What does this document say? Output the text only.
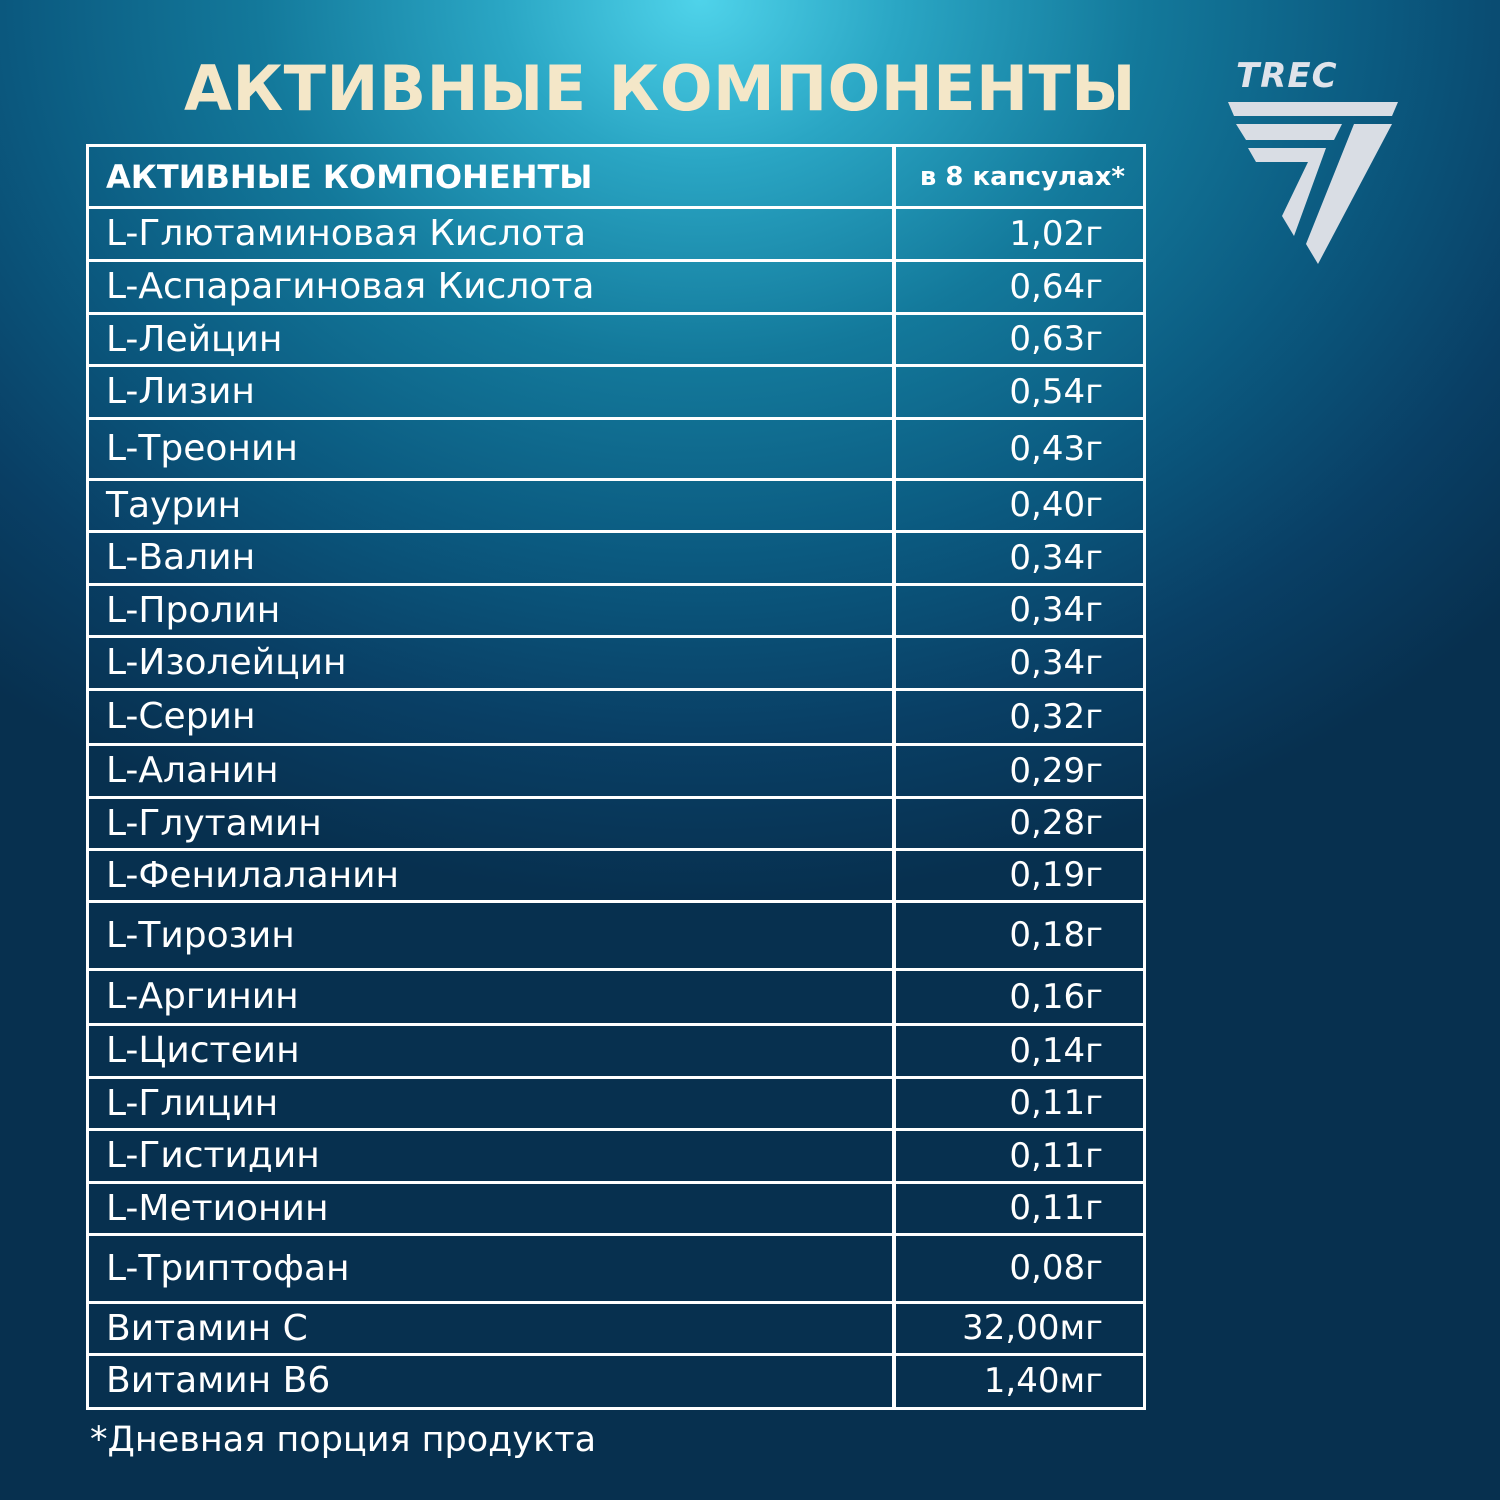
АКТИВНЫЕ КОМПОНЕНТЫ	TREC
АКТИВНЫЕ КОМПОНЕНТЫ	в 8 капсулах*
L-Глютаминовая Кислота	1,02г
L-Аспарагиновая Кислота	0,64г
L-Лейцин	0,63г
L-Лизин	0,54г
L-Треонин	0,43г
Таурин	0,40г
L-Валин	0,34г
L-Пролин	0,34г
L-Изолейцин	0,34г
L-Серин	0,32г
L-Аланин	0,29г
L-Глутамин	0,28г
L-Фенилаланин	0,19г
L-Тирозин	0,18г
L-Аргинин	0,16г
L-Цистеин	0,14г
L-Глицин	0,11г
L-Гистидин	0,11г
L-Метионин	0,11г
L-Триптофан	0,08г
Витамин C	32,00мг
Витамин B6	1,40мг
*Дневная порция продукта
